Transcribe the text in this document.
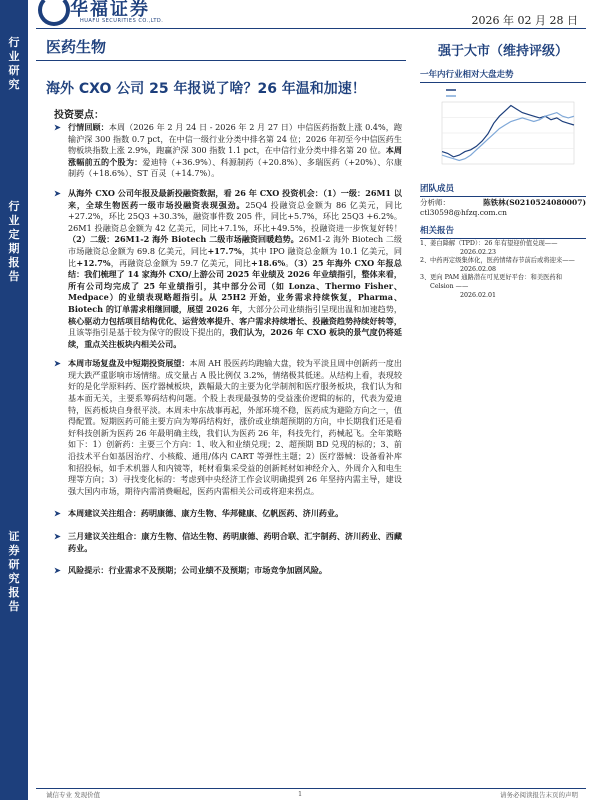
行
业
研
究
行
业
定
期
报
告
证
券
研
究
报
告
华福证券
HUAFU SECURITIES CO.,LTD.	2026 年 02 月 28 日
医药生物
海外 CXO 公司 25 年报说了啥？26 年温和加速！
投资要点：
➤ 行情回顾：本周（2026 年 2 月 24 日 - 2026 年 2 月 27 日）中信医药指数上涨 0.4%，跑输沪深 300 指数 0.7 pct，在中信一级行业分类中排名第 24 位；2026 年初至今中信医药生物板块指数上涨 2.9%，跑赢沪深 300 指数 1.1 pct，在中信行业分类中排名第 20 位。本周涨幅前五的个股为：爱迪特（+36.9%）、科源制药（+20.8%）、多瑞医药（+20%）、尔康制药（+18.6%）、ST 百灵（+14.7%）。
➤ 从海外 CXO 公司年报及最新投融资数据，看 26 年 CXO 投资机会：（1）一级：26M1 以来，全球生物医药一级市场投融资表现强劲。25Q4 投融资总金额为 86 亿美元，同比+27.2%，环比 25Q3 +30.3%，融资事件数 205 件，同比+5.7%，环比 25Q3 +6.2%。26M1 投融资总金额为 42 亿美元，同比+7.1%，环比+49.5%，投融资进一步恢复好转！（2）二级：26M1-2 海外 Biotech 二级市场融资回暖趋势。26M1-2 海外 Biotech 二级市场融资总金额为 69.8 亿美元，同比+17.7%，其中 IPO 融资总金额为 10.1 亿美元，同比+12.7%，再融资总金额为 59.7 亿美元，同比+18.6%。（3）25 年海外 CXO 年报总结：我们梳理了 14 家海外 CXO/上游公司 2025 年业绩及 2026 年业绩指引，整体来看，所有公司均完成了 25 年业绩指引，其中部分公司（如 Lonza、Thermo Fisher、Medpace）的业绩表现略超指引。从 25H2 开始，业务需求持续恢复，Pharma、Biotech 的订单需求相继回暖，展望 2026 年，大部分公司业绩指引呈现出温和加速趋势，核心驱动力包括项目结构优化、运营效率提升、客户需求持续增长、投融资趋势持续好转等，且该等指引是基于较为保守的假设下提出的，我们认为，2026 年 CXO 板块的景气度仍将延续，重点关注板块内相关公司。
➤ 本周市场复盘及中短期投资展望：本周 AH 股医药均跑输大盘，较为平淡且周中创新药一度出现大跌严重影响市场情绪。成交量占 A 股比例仅 3.2%，情绪极其低迷。从结构上看，表现较好的是化学原料药、医疗器械板块，跌幅最大的主要为化学制剂和医疗服务板块，我们认为和基本面无关，主要系筹码结构问题。个股上表现最强势的受益涨价逻辑的标的，代表为爱迪特，医药板块自身很平淡。本周未中东战事再起，外部环境不稳，医药成为避险方向之一，值得配置。短期医药可能主要方向为筹码结构好，涨价或业绩超预期的方向，中长期我们还是看好科技创新为医药 26 年最明确主线，我们认为医药 26 年，科技先行，药械起飞。全年策略如下：1）创新药：主要三个方向：1、收入和业绩兑现；2、超预期 BD 兑现的标的；3、前沿技术平台如基因治疗、小核酸、通用/体内 CART 等弹性主题；2）医疗器械：设备看补库和招投标，如手术机器人和内镜等，耗材看集采受益的创新耗材如神经介入、外周介入和电生理等方向；3）寻找变化标的：考虑到中央经济工作会议明确提到 26 年坚持内需主导，建设强大国内市场，期待内需消费崛起，医药内需相关公司或将迎来拐点。
➤ 本周建议关注组合：药明康德、康方生物、华邦健康、亿帆医药、济川药业。
➤ 三月建议关注组合：康方生物、信达生物、药明康德、药明合联、汇宇制药、济川药业、西藏药业。
➤ 风险提示：行业需求不及预期；公司业绩不及预期；市场竞争加剧风险。
强于大市（维持评级）
一年内行业相对大盘走势
团队成员
分析师：	陈铁林(S0210524080007)
ctl30598@hfzq.com.cn
相关报告
1、 姜白降解（TPD）：26 年有望迎价值兑现——
2026.02.23
2、 中药再定级集体化，医药情绪春节前后或将迎来——
2026.02.08
3、 更向 PAM 通路潜在可见更好平台：和美医药和 Celsion ——
2026.02.01
诚信专业 发现价值	1	请务必阅读报告末页的声明
